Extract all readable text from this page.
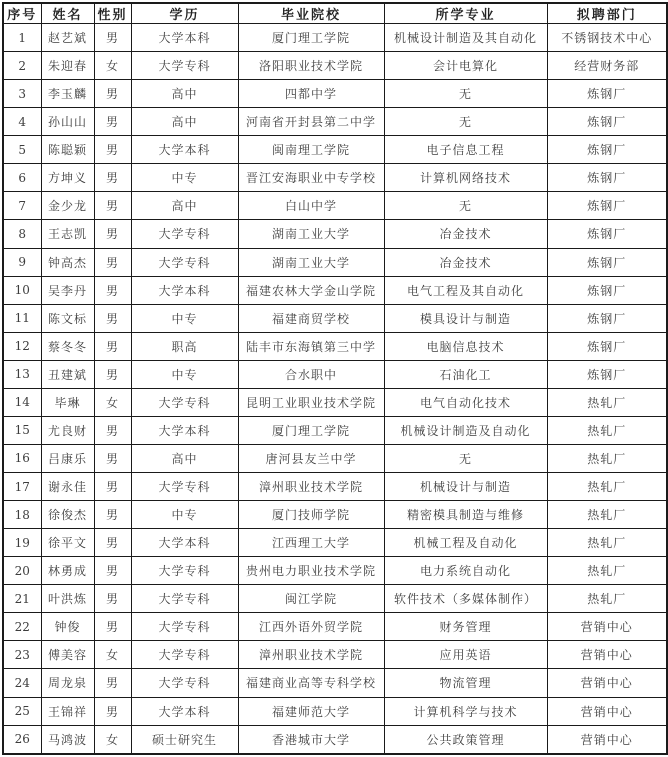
序号	姓名	性别	学历	毕业院校	所学专业	拟聘部门
1	赵艺斌	男	大学本科	厦门理工学院	机械设计制造及其自动化	不锈钢技术中心
2	朱迎春	女	大学专科	洛阳职业技术学院	会计电算化	经营财务部
3	李玉麟	男	高中	四都中学	无	炼钢厂
4	孙山山	男	高中	河南省开封县第二中学	无	炼钢厂
5	陈聪颖	男	大学本科	闽南理工学院	电子信息工程	炼钢厂
6	方坤义	男	中专	晋江安海职业中专学校	计算机网络技术	炼钢厂
7	金少龙	男	高中	白山中学	无	炼钢厂
8	王志凯	男	大学专科	湖南工业大学	冶金技术	炼钢厂
9	钟高杰	男	大学专科	湖南工业大学	冶金技术	炼钢厂
10	吴李丹	男	大学本科	福建农林大学金山学院	电气工程及其自动化	炼钢厂
11	陈文标	男	中专	福建商贸学校	模具设计与制造	炼钢厂
12	蔡冬冬	男	职高	陆丰市东海镇第三中学	电脑信息技术	炼钢厂
13	丑建斌	男	中专	合水职中	石油化工	炼钢厂
14	毕琳	女	大学专科	昆明工业职业技术学院	电气自动化技术	热轧厂
15	尤良财	男	大学本科	厦门理工学院	机械设计制造及自动化	热轧厂
16	吕康乐	男	高中	唐河县友兰中学	无	热轧厂
17	谢永佳	男	大学专科	漳州职业技术学院	机械设计与制造	热轧厂
18	徐俊杰	男	中专	厦门技师学院	精密模具制造与维修	热轧厂
19	徐平文	男	大学本科	江西理工大学	机械工程及自动化	热轧厂
20	林勇成	男	大学专科	贵州电力职业技术学院	电力系统自动化	热轧厂
21	叶洪炼	男	大学专科	闽江学院	软件技术（多媒体制作）	热轧厂
22	钟俊	男	大学专科	江西外语外贸学院	财务管理	营销中心
23	傅美容	女	大学专科	漳州职业技术学院	应用英语	营销中心
24	周龙泉	男	大学专科	福建商业高等专科学校	物流管理	营销中心
25	王锦祥	男	大学本科	福建师范大学	计算机科学与技术	营销中心
26	马鸿波	女	硕士研究生	香港城市大学	公共政策管理	营销中心
